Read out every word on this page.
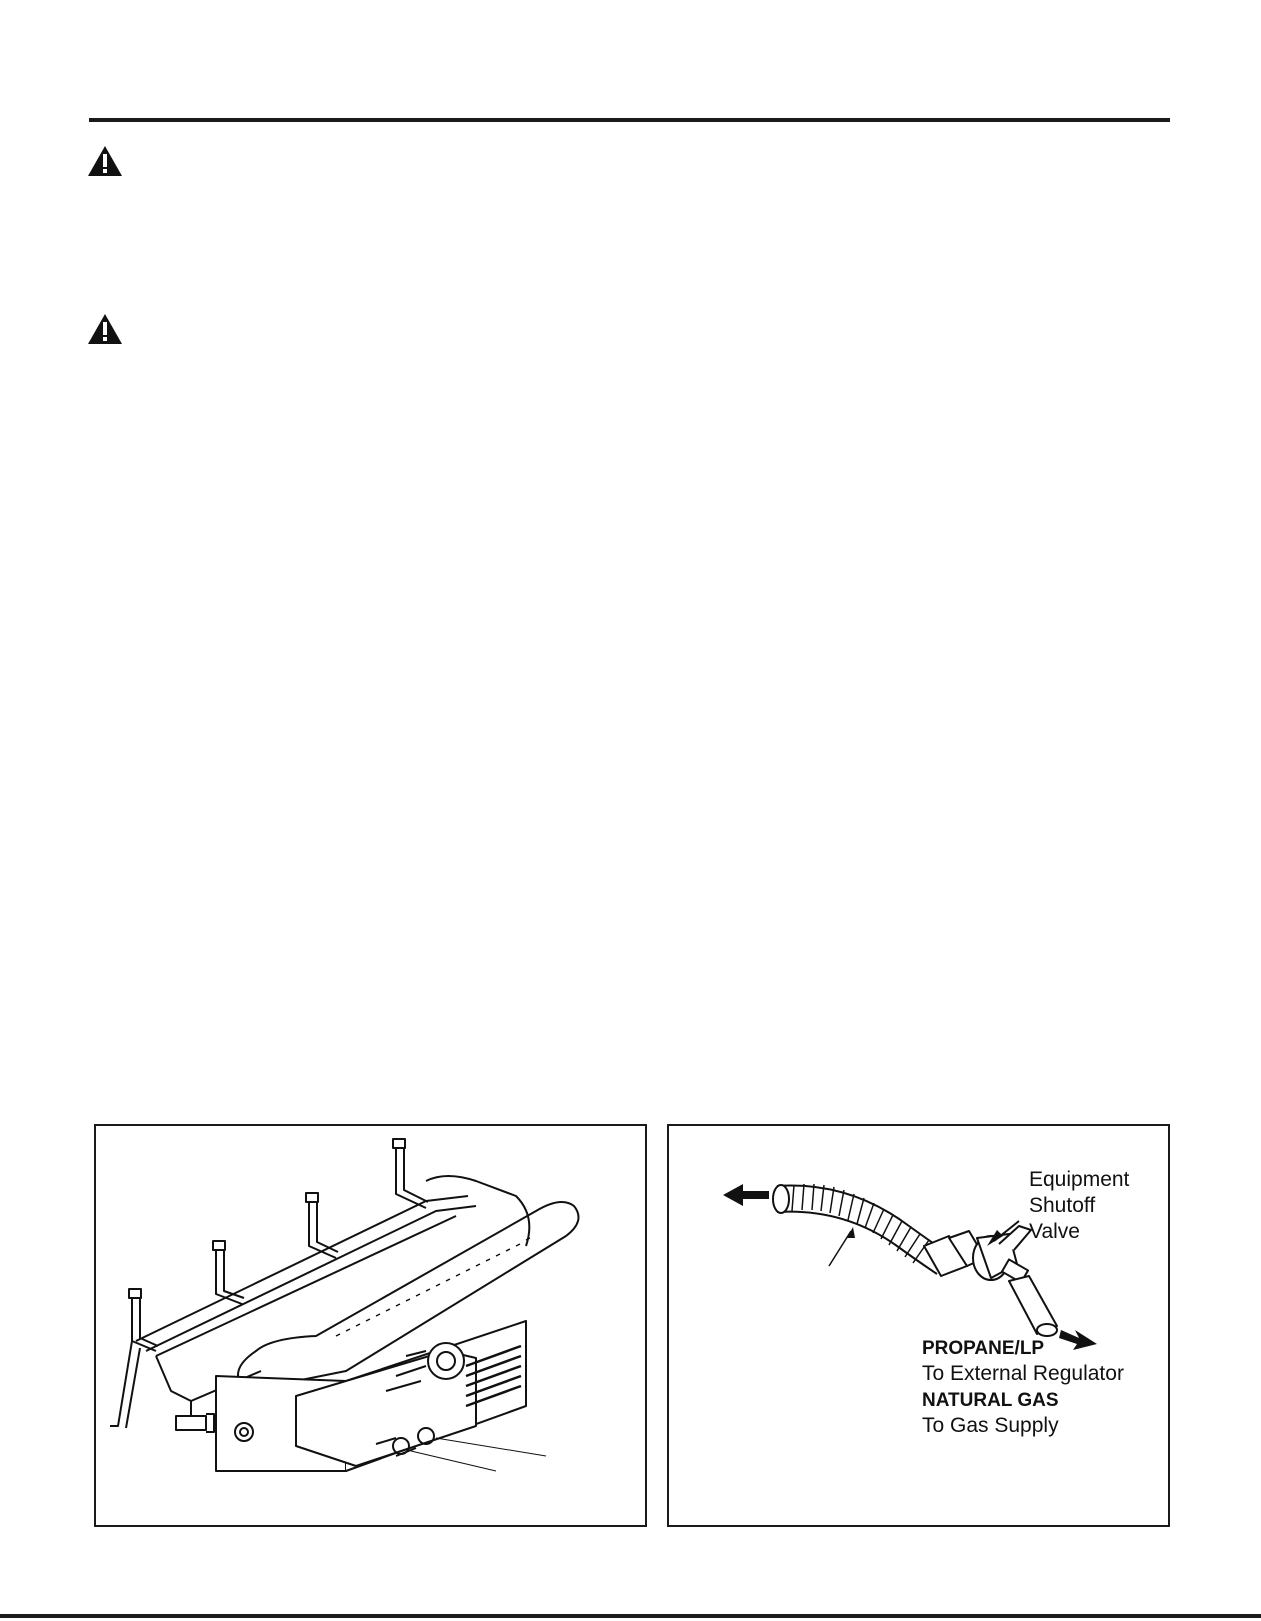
Equipment
Shutoff
Valve
PROPANE/LP
To External Regulator
NATURAL GAS
To Gas Supply
